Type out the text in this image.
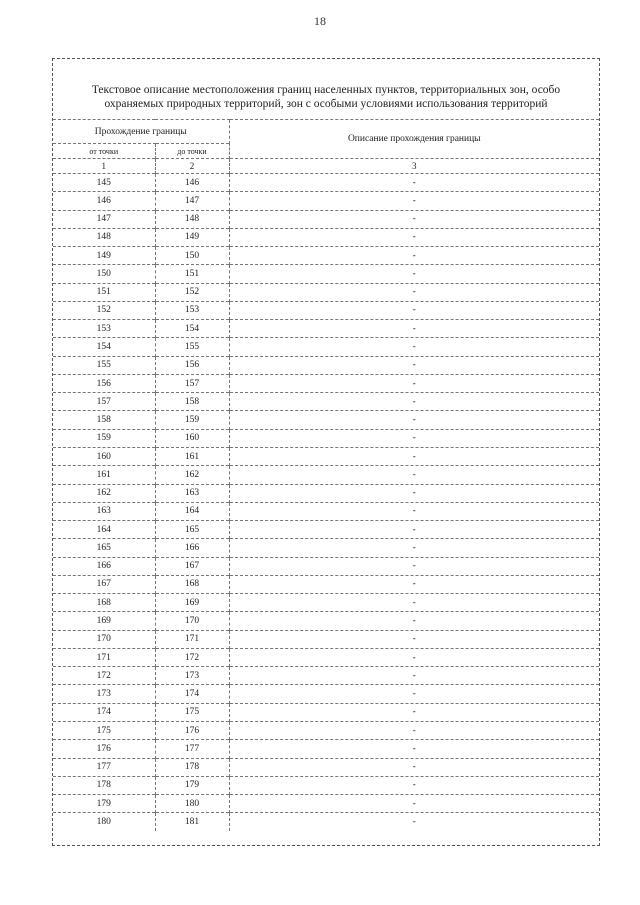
18
Текстовое описание местоположения границ населенных пунктов, территориальных зон, особо
охраняемых природных территорий, зон с особыми условиями использования территорий
Прохождение границы		Описание прохождения границы
от точки	до точки	
1	2	3
145	146	-
146	147	-
147	148	-
148	149	-
149	150	-
150	151	-
151	152	-
152	153	-
153	154	-
154	155	-
155	156	-
156	157	-
157	158	-
158	159	-
159	160	-
160	161	-
161	162	-
162	163	-
163	164	-
164	165	-
165	166	-
166	167	-
167	168	-
168	169	-
169	170	-
170	171	-
171	172	-
172	173	-
173	174	-
174	175	-
175	176	-
176	177	-
177	178	-
178	179	-
179	180	-
180	181	-
